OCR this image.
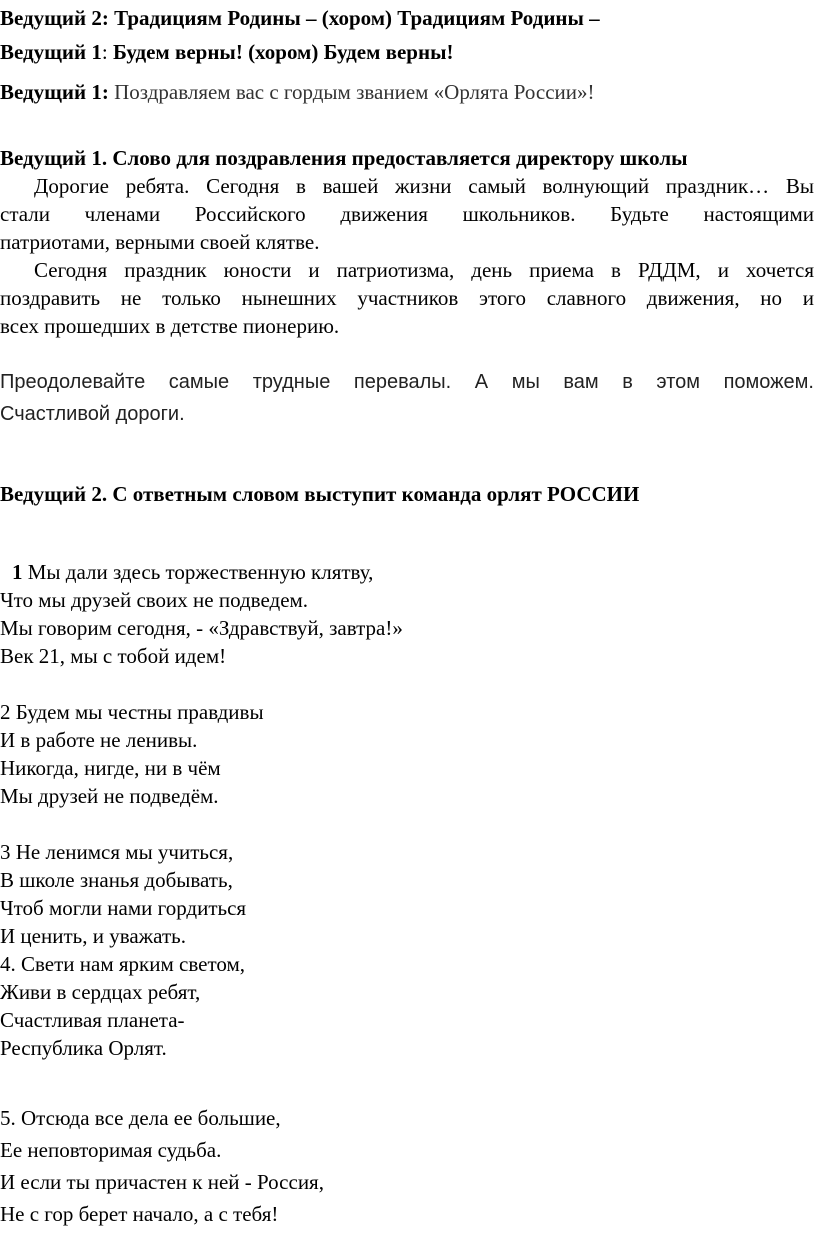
Ведущий 2: Традициям Родины – (хором) Традициям Родины –
Ведущий 1: Будем верны! (хором) Будем верны!
Ведущий 1: Поздравляем вас с гордым званием «Орлята России»!
Ведущий 1. Слово для поздравления предоставляется директору школы
Дорогие ребята. Сегодня в вашей жизни самый волнующий праздник… Вы
стали членами Российского движения школьников. Будьте настоящими
патриотами, верными своей клятве.
Сегодня праздник юности и патриотизма, день приема в РДДМ, и хочется
поздравить не только нынешних участников этого славного движения, но и
всех прошедших в детстве пионерию.
Преодолевайте самые трудные перевалы. А мы вам в этом поможем.
Счастливой дороги.
Ведущий 2. С ответным словом выступит команда орлят РОССИИ
1 Мы дали здесь торжественную клятву,
Что мы друзей своих не подведем.
Мы говорим сегодня, - «Здравствуй, завтра!»
Век 21, мы с тобой идем!
2 Будем мы честны правдивы
И в работе не ленивы.
Никогда, нигде, ни в чём
Мы друзей не подведём.
3 Не ленимся мы учиться,
В школе знанья добывать,
Чтоб могли нами гордиться
И ценить, и уважать.
4. Свети нам ярким светом,
Живи в сердцах ребят,
Счастливая планета-
Республика Орлят.
5. Отсюда все дела ее большие,
Ее неповторимая судьба.
И если ты причастен к ней - Россия,
Не с гор берет начало, а с тебя!
